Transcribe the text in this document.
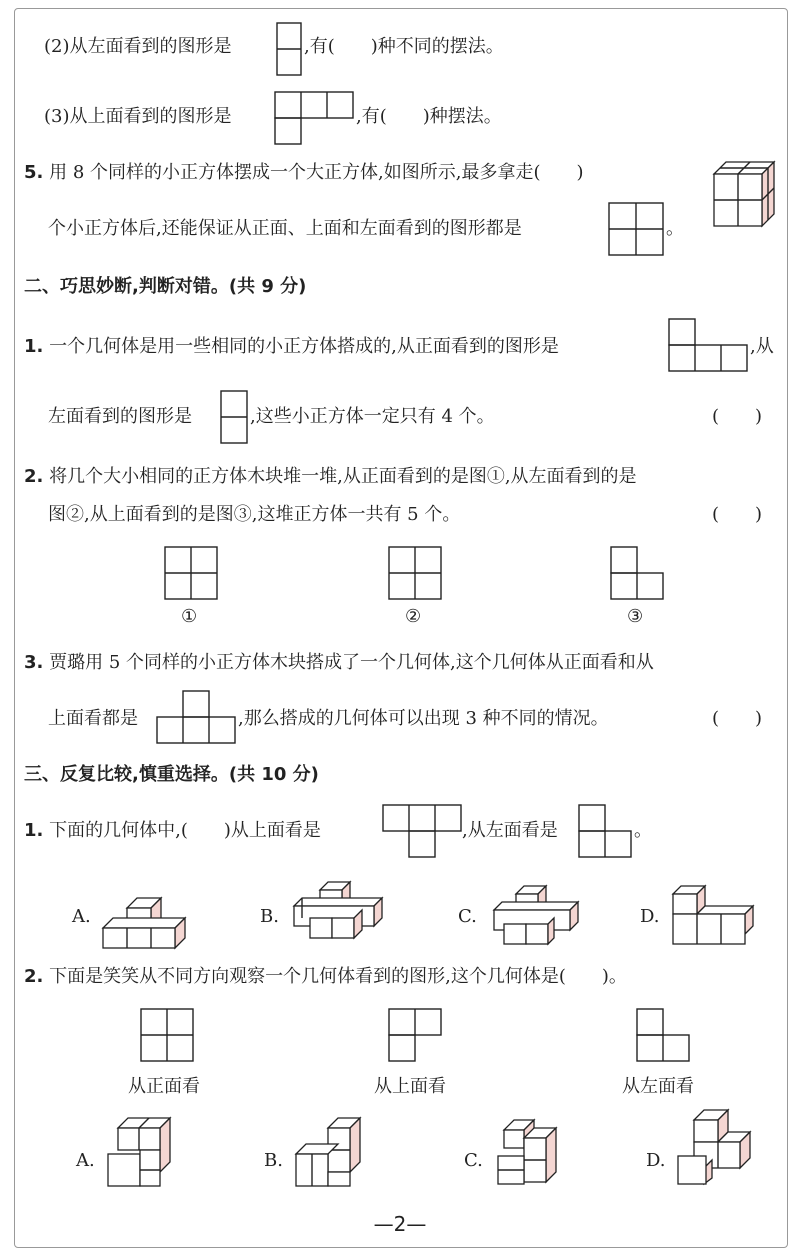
(2)从左面看到的图形是	,有(　　)种不同的摆法。
(3)从上面看到的图形是	,有(　　)种摆法。
5. 用 8 个同样的小正方体摆成一个大正方体,如图所示,最多拿走(　　)
个小正方体后,还能保证从正面、上面和左面看到的图形都是	。
二、巧思妙断,判断对错。(共 9 分)
1. 一个几何体是用一些相同的小正方体搭成的,从正面看到的图形是	,从
左面看到的图形是	,这些小正方体一定只有 4 个。	(　　)
2. 将几个大小相同的正方体木块堆一堆,从正面看到的是图①,从左面看到的是
图②,从上面看到的是图③,这堆正方体一共有 5 个。	(　　)
①	②	③
3. 贾璐用 5 个同样的小正方体木块搭成了一个几何体,这个几何体从正面看和从
上面看都是	,那么搭成的几何体可以出现 3 种不同的情况。	(　　)
三、反复比较,慎重选择。(共 10 分)
1. 下面的几何体中,(　　)从上面看是	,从左面看是	。
A.	B.	C.	D.
2. 下面是笑笑从不同方向观察一个几何体看到的图形,这个几何体是(　　)。
从正面看	从上面看	从左面看
A.	B.	C.	D.
—2—
